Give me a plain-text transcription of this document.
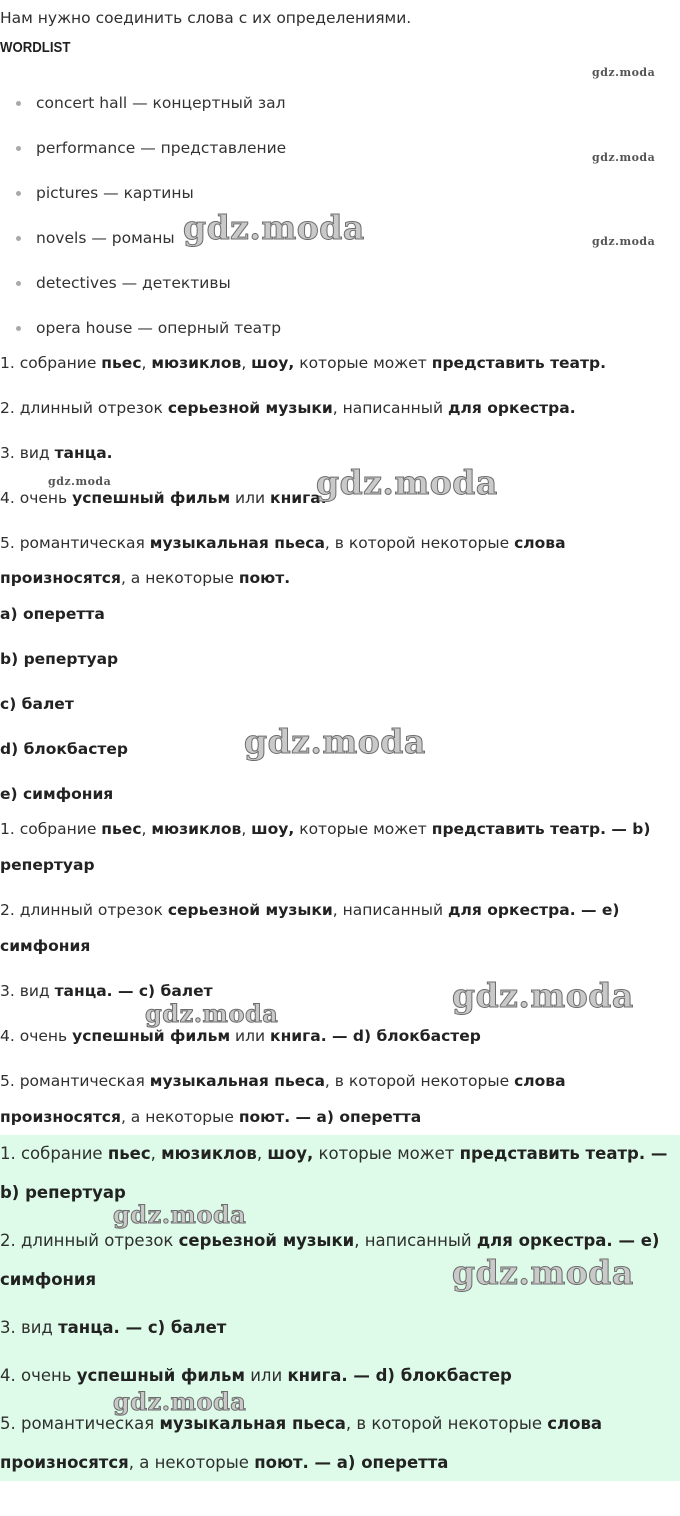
Нам нужно соединить слова с их определениями.
WORDLIST
concert hall — концертный зал
performance — представление
pictures — картины
novels — романы
detectives — детективы
opera house — оперный театр
1. собрание пьес, мюзиклов, шоу, которые может представить театр.
2. длинный отрезок серьезной музыки, написанный для оркестра.
3. вид танца.
4. очень успешный фильм или книга.
5. романтическая музыкальная пьеса, в которой некоторые слова
произносятся, а некоторые поют.
a) оперетта
b) репертуар
c) балет
d) блокбастер
e) симфония
1. собрание пьес, мюзиклов, шоу, которые может представить театр. — b)
репертуар
2. длинный отрезок серьезной музыки, написанный для оркестра. — e)
симфония
3. вид танца. — c) балет
4. очень успешный фильм или книга. — d) блокбастер
5. романтическая музыкальная пьеса, в которой некоторые слова
произносятся, а некоторые поют. — a) оперетта
1. собрание пьес, мюзиклов, шоу, которые может представить театр. —
b) репертуар
2. длинный отрезок серьезной музыки, написанный для оркестра. — e)
симфония
3. вид танца. — c) балет
4. очень успешный фильм или книга. — d) блокбастер
5. романтическая музыкальная пьеса, в которой некоторые слова
произносятся, а некоторые поют. — a) оперетта
gdz.moda
gdz.moda
gdz.moda
gdz.moda
gdz.moda	gdz.moda
gdz.moda
gdz.moda
gdz.moda
gdz.moda
gdz.moda
gdz.moda
